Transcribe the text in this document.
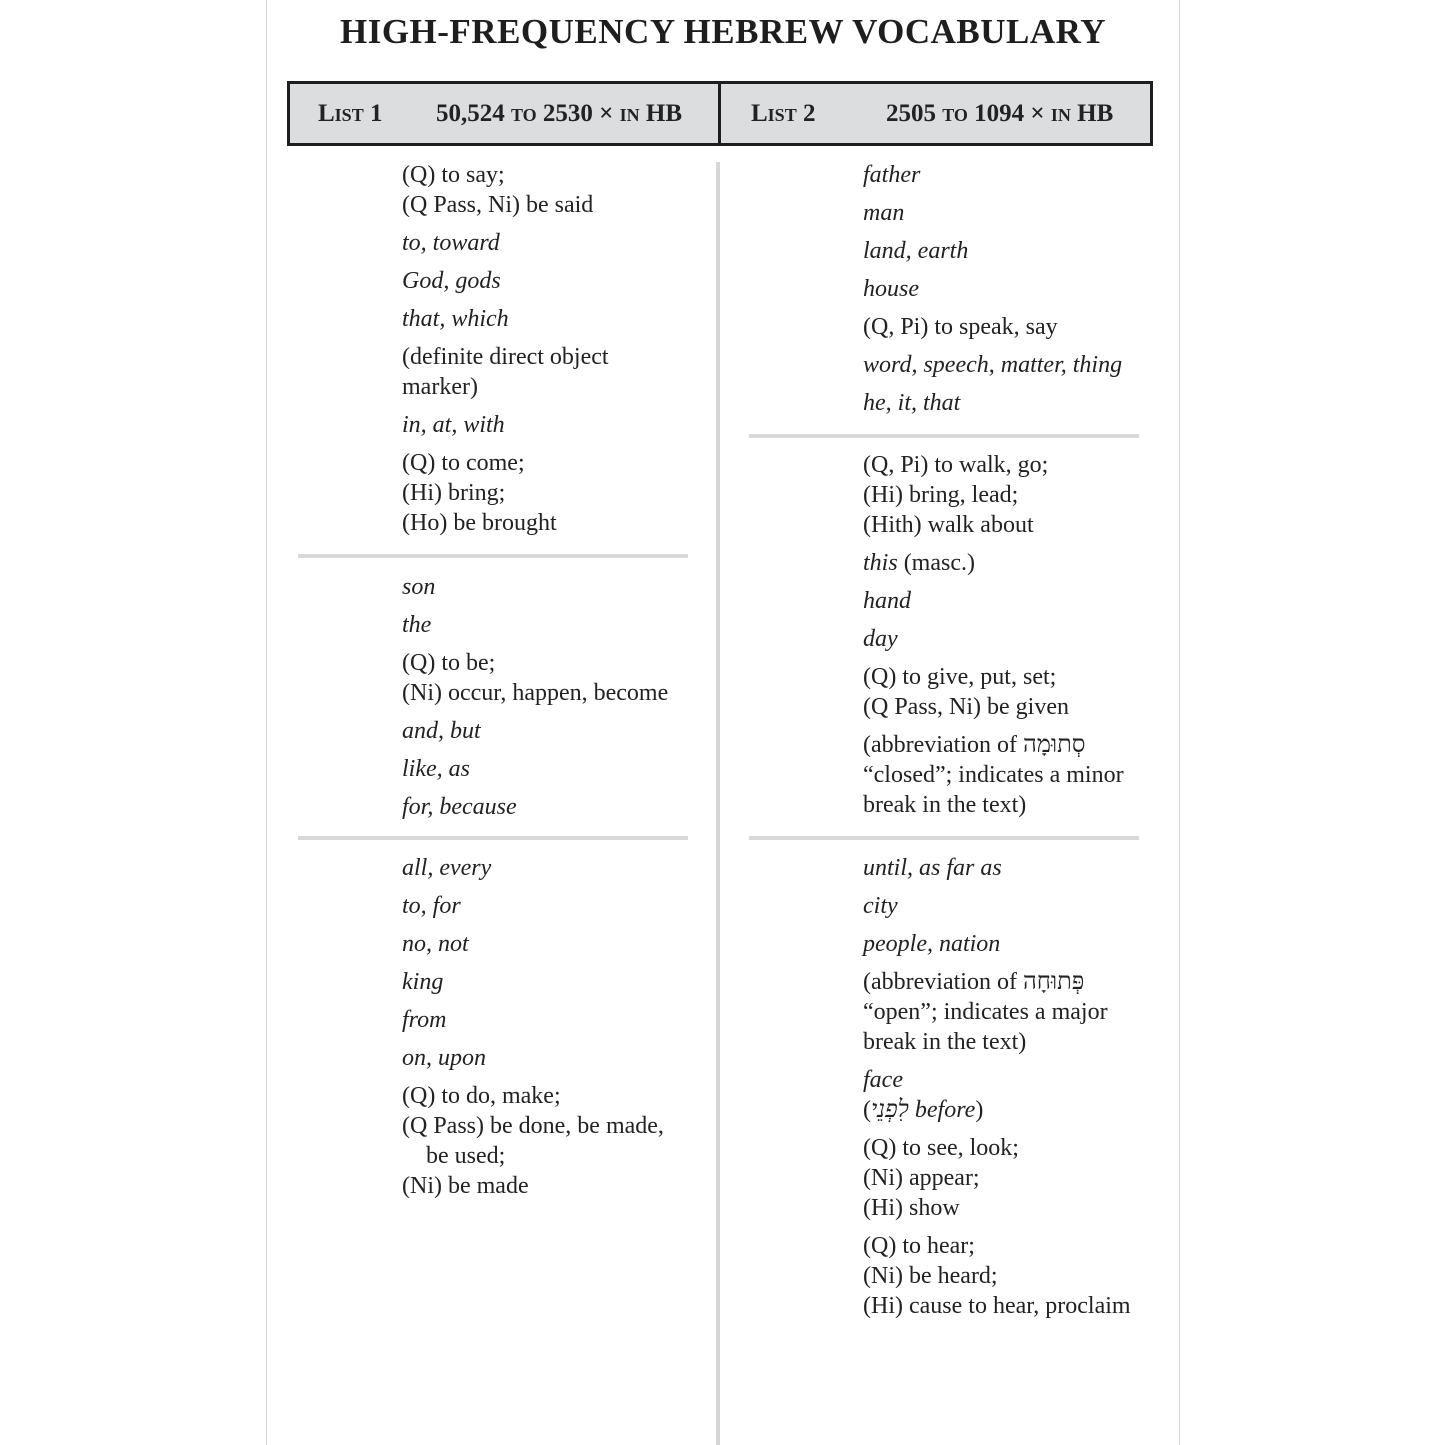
HIGH-FREQUENCY HEBREW VOCABULARY
List 1 50,524 to 2530 × in HB	List 2	2505 to 1094 × in HB
(Q) to say;
(Q Pass, Ni) be said
to, toward
God, gods
that, which
(definite direct object
marker)
in, at, with
(Q) to come;
(Hi) bring;
(Ho) be brought
son
the
(Q) to be;
(Ni) occur, happen, become
and, but
like, as
for, because
all, every
to, for
no, not
king
from
on, upon
(Q) to do, make;
(Q Pass) be done, be made,
be used;
(Ni) be made
father
man
land, earth
house
(Q, Pi) to speak, say
word, speech, matter, thing
he, it, that
(Q, Pi) to walk, go;
(Hi) bring, lead;
(Hith) walk about
this (masc.)
hand
day
(Q) to give, put, set;
(Q Pass, Ni) be given
(abbreviation of סְתוּמָה
“closed”; indicates a minor
break in the text)
until, as far as
city
people, nation
(abbreviation of פְּתוּחָה
“open”; indicates a major
break in the text)
face
(לִפְנֵי before)
(Q) to see, look;
(Ni) appear;
(Hi) show
(Q) to hear;
(Ni) be heard;
(Hi) cause to hear, proclaim
